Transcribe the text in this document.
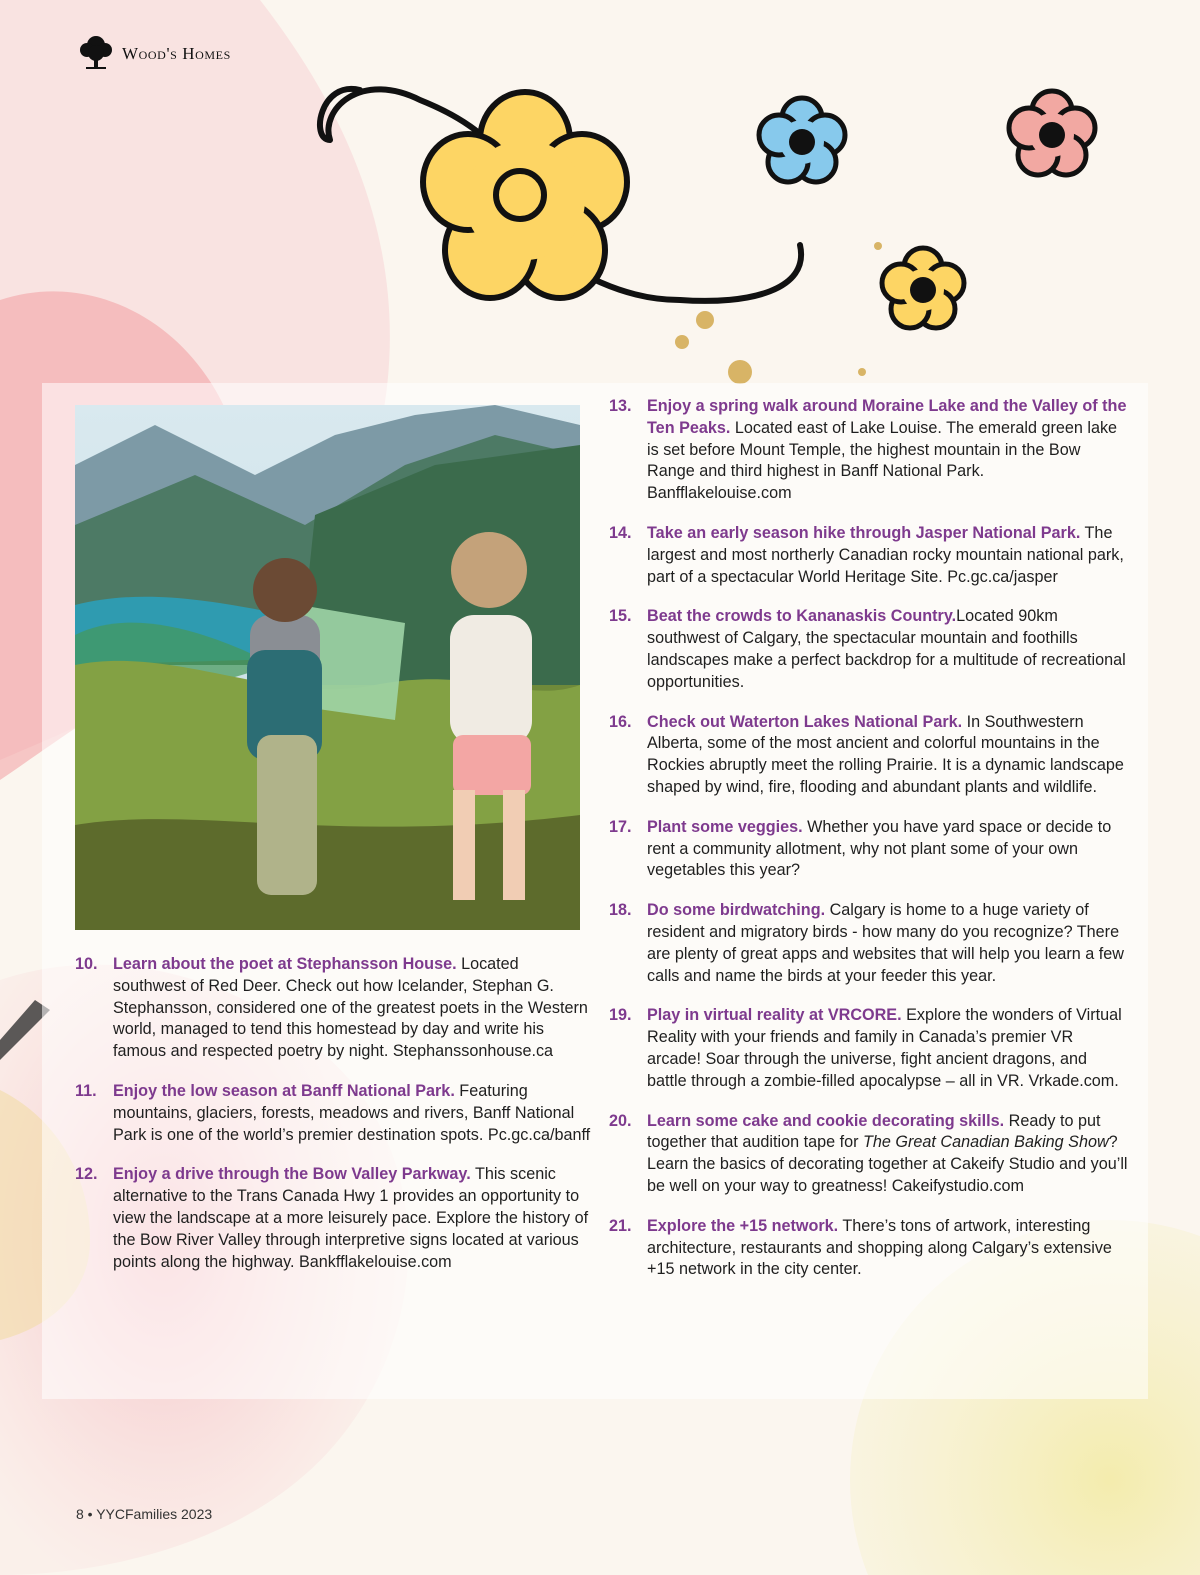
Wood's Homes
10. Learn about the poet at Stephansson House. Located southwest of Red Deer. Check out how Icelander, Stephan G. Stephansson, considered one of the greatest poets in the Western world, managed to tend this homestead by day and write his famous and respected poetry by night. Stephanssonhouse.ca
11.	Enjoy the low season at Banff National Park. Featuring mountains, glaciers, forests, meadows and rivers, Banff National Park is one of the world’s premier destination spots. Pc.gc.ca/banff
12. Enjoy a drive through the Bow Valley Parkway. This scenic alternative to the Trans Canada Hwy 1 provides an opportunity to view the landscape at a more leisurely pace. Explore the history of the Bow River Valley through interpretive signs located at various points along the highway. Bankfflakelouise.com
13. Enjoy a spring walk around Moraine Lake and the Valley of the Ten Peaks. Located east of Lake Louise. The emerald green lake is set before Mount Temple, the highest mountain in the Bow Range and third highest in Banff National Park. Banfflakelouise.com
14. Take an early season hike through Jasper National Park. The largest and most northerly Canadian rocky mountain national park, part of a spectacular World Heritage Site. Pc.gc.ca/jasper
15. Beat the crowds to Kananaskis Country.Located 90km southwest of Calgary, the spectacular mountain and foothills landscapes make a perfect backdrop for a multitude of recreational opportunities.
16. Check out Waterton Lakes National Park. In Southwestern Alberta, some of the most ancient and colorful mountains in the Rockies abruptly meet the rolling Prairie. It is a dynamic landscape shaped by wind, fire, flooding and abundant plants and wildlife.
17. Plant some veggies. Whether you have yard space or decide to rent a community allotment, why not plant some of your own vegetables this year?
18. Do some birdwatching. Calgary is home to a huge variety of resident and migratory birds - how many do you recognize? There are plenty of great apps and websites that will help you learn a few calls and name the birds at your feeder this year.
19. Play in virtual reality at VRCORE. Explore the wonders of Virtual Reality with your friends and family in Canada’s premier VR arcade! Soar through the universe, fight ancient dragons, and battle through a zombie-filled apocalypse – all in VR. Vrkade.com.
20. Learn some cake and cookie decorating skills. Ready to put together that audition tape for The Great Canadian Baking Show? Learn the basics of decorating together at Cakeify Studio and you’ll be well on your way to greatness! Cakeifystudio.com
21. Explore the +15 network. There’s tons of artwork, interesting architecture, restaurants and shopping along Calgary’s extensive +15 network in the city center.
8 • YYCFamilies 2023
